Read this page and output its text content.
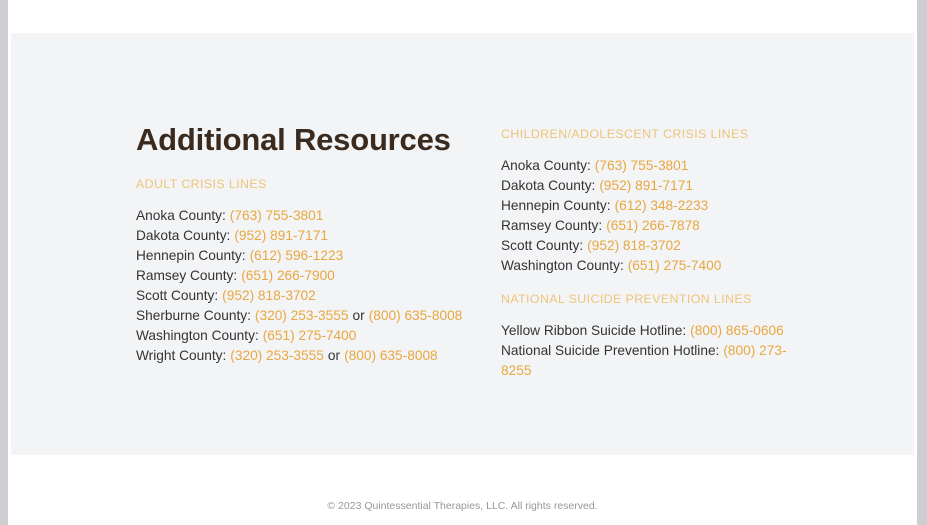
Additional Resources
ADULT CRISIS LINES
Anoka County: (763) 755-3801
Dakota County: (952) 891-7171
Hennepin County: (612) 596-1223
Ramsey County: (651) 266-7900
Scott County: (952) 818-3702
Sherburne County: (320) 253-3555 or (800) 635-8008
Washington County: (651) 275-7400
Wright County: (320) 253-3555 or (800) 635-8008
CHILDREN/ADOLESCENT CRISIS LINES
Anoka County: (763) 755-3801
Dakota County: (952) 891-7171
Hennepin County: (612) 348-2233
Ramsey County: (651) 266-7878
Scott County: (952) 818-3702
Washington County: (651) 275-7400
NATIONAL SUICIDE PREVENTION LINES
Yellow Ribbon Suicide Hotline: (800) 865-0606
National Suicide Prevention Hotline: (800) 273-8255

© 2023 Quintessential Therapies, LLC. All rights reserved.
